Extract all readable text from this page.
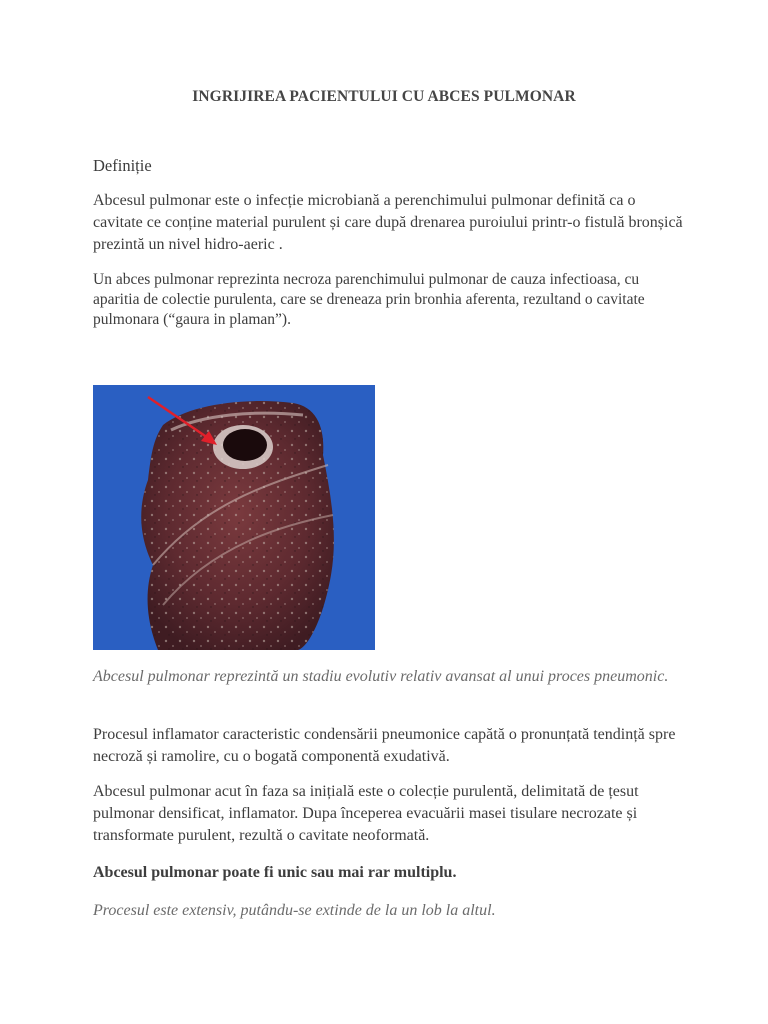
INGRIJIREA PACIENTULUI CU ABCES PULMONAR
Definiție

Abcesul pulmonar este o infecție microbiană a perenchimului pulmonar definită ca o cavitate ce conține material purulent și care după drenarea puroiului printr-o fistulă bronșică prezintă un nivel hidro-aeric .

Un abces pulmonar reprezinta necroza parenchimului pulmonar de cauza infectioasa, cu aparitia de colectie purulenta, care se dreneaza prin bronhia aferenta, rezultand o cavitate pulmonara (“gaura in plaman”).

Abcesul pulmonar reprezintă un stadiu evolutiv relativ avansat al unui proces pneumonic.

Procesul inflamator caracteristic condensării pneumonice capătă o pronunțată tendință spre necroză și ramolire, cu o bogată componentă exudativă.

Abcesul pulmonar acut în faza sa inițială este o colecție purulentă, delimitată de țesut pulmonar densificat, inflamator. Dupa începerea evacuării masei tisulare necrozate și transformate purulent, rezultă o cavitate neoformată.

Abcesul pulmonar poate fi unic sau mai rar multiplu.

Procesul este extensiv, putându-se extinde de la un lob la altul.
